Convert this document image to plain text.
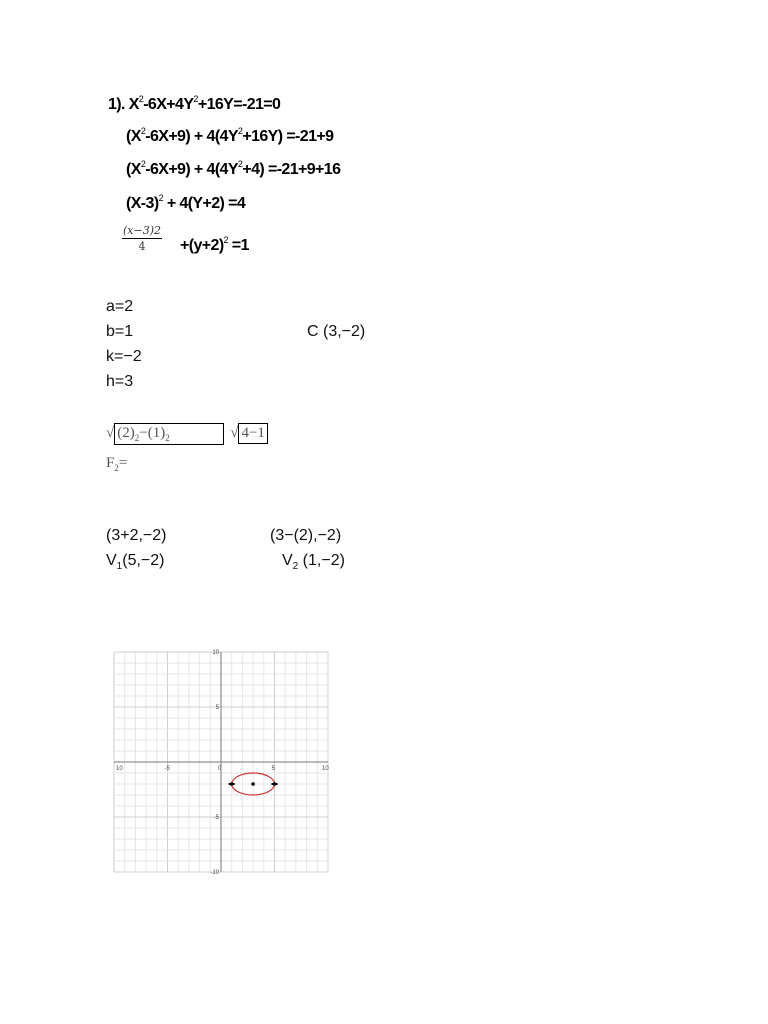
1). $X^2-6X+4Y^2+16Y=-21=0$
$(X^2-6X+9) + 4(4Y^2+16Y) =-21+9$
$(X^2-6X+9) + 4(4Y^2+4) =-21+9+16$
$(X-3)^2 + 4(Y+2) =4$
$\frac{(x-3)2}{4} +(y+2)^2 =1$
a=2
b=1	C (3,−2)
k=−2
h=3
√ $(2)_2-(1)_2$	√ 4−1
$F_2=$
(3+2,−2)	(3−(2),−2)
$V_1(5,-2)$	$V_2$ (1,−2)
10	-5	0	5	10
10
5
-5
-10
